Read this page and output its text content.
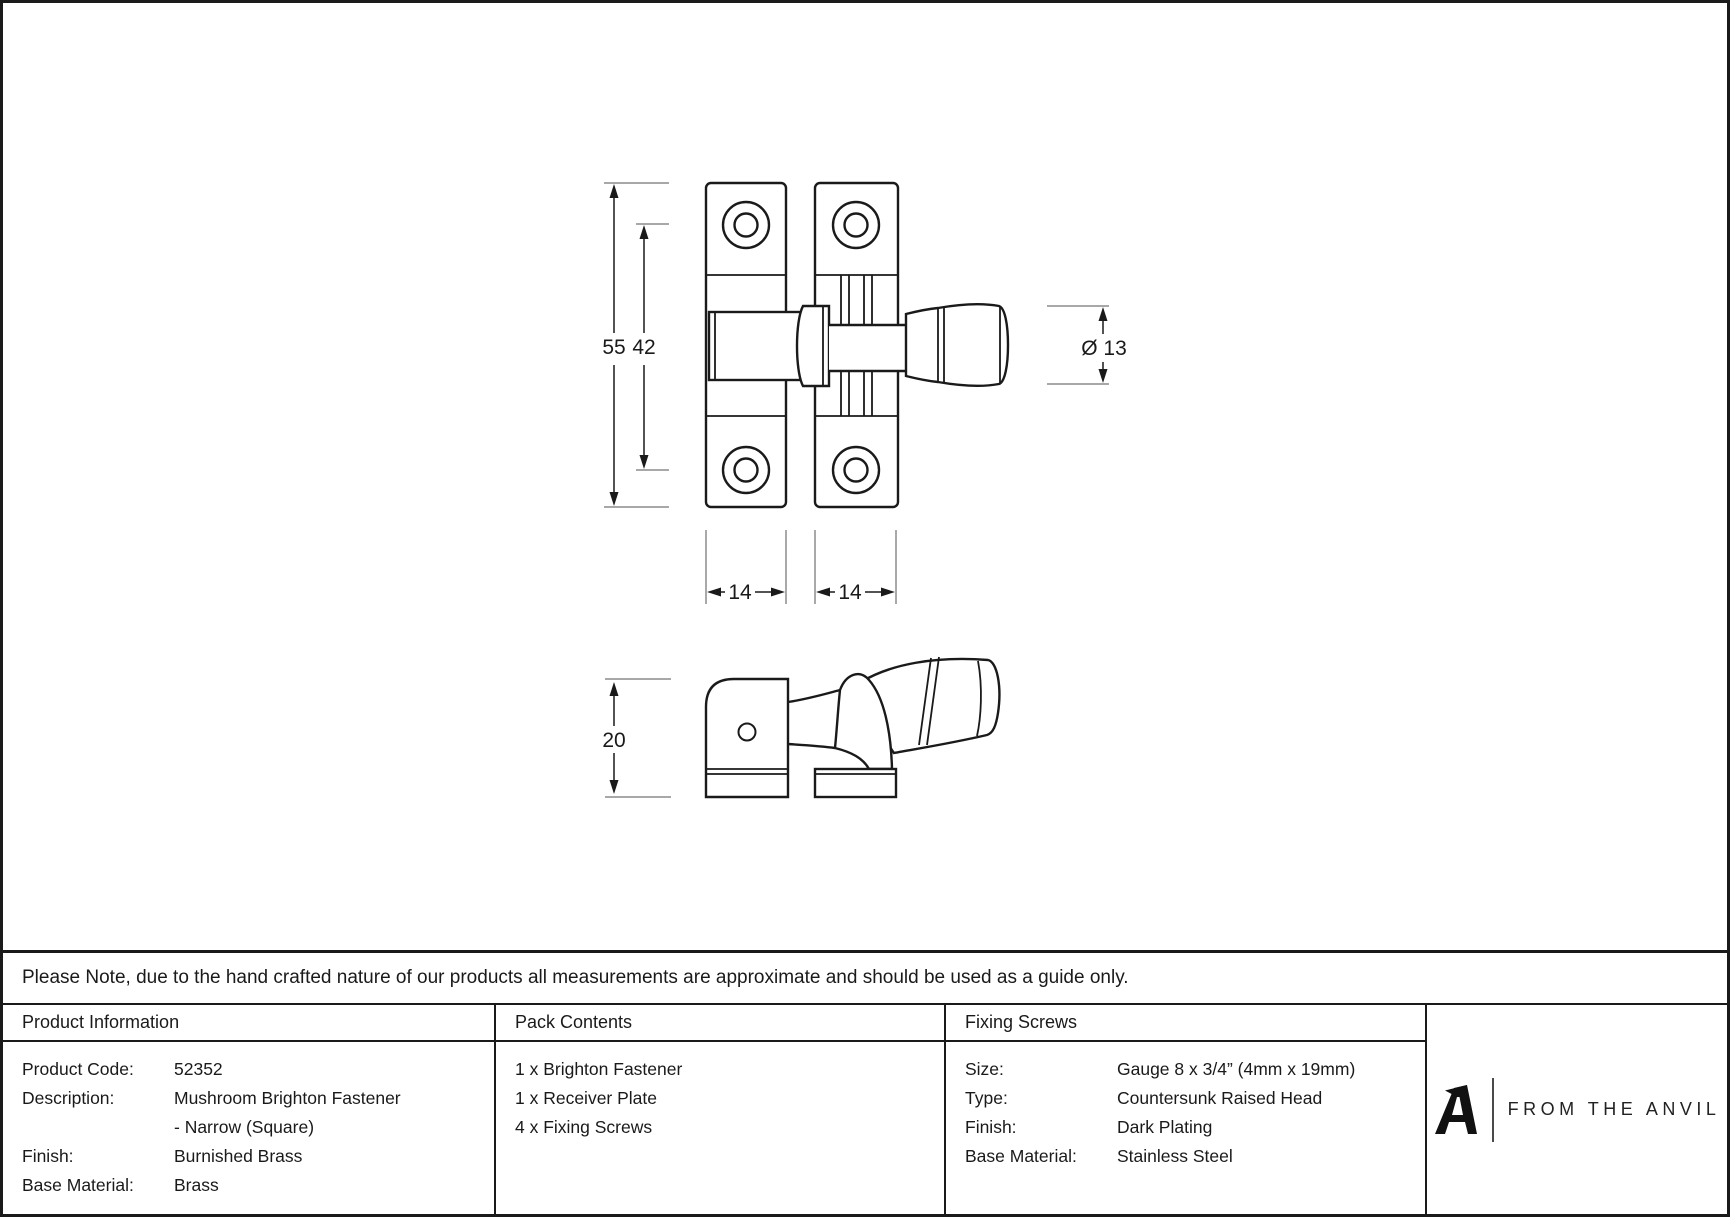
55 42
14	14
Ø 13
20
Please Note, due to the hand crafted nature of our products all measurements are approximate and should be used as a guide only.
Product Information
Product Code:	52352
Description:	Mushroom Brighton Fastener
- Narrow (Square)
Finish:	Burnished Brass
Base Material:	Brass
Pack Contents
1 x Brighton Fastener
1 x Receiver Plate
4 x Fixing Screws
Fixing Screws
Size:	Gauge 8 x 3/4” (4mm x 19mm)
Type:	Countersunk Raised Head
Finish:	Dark Plating
Base Material:	Stainless Steel
FROM THE ANVIL
